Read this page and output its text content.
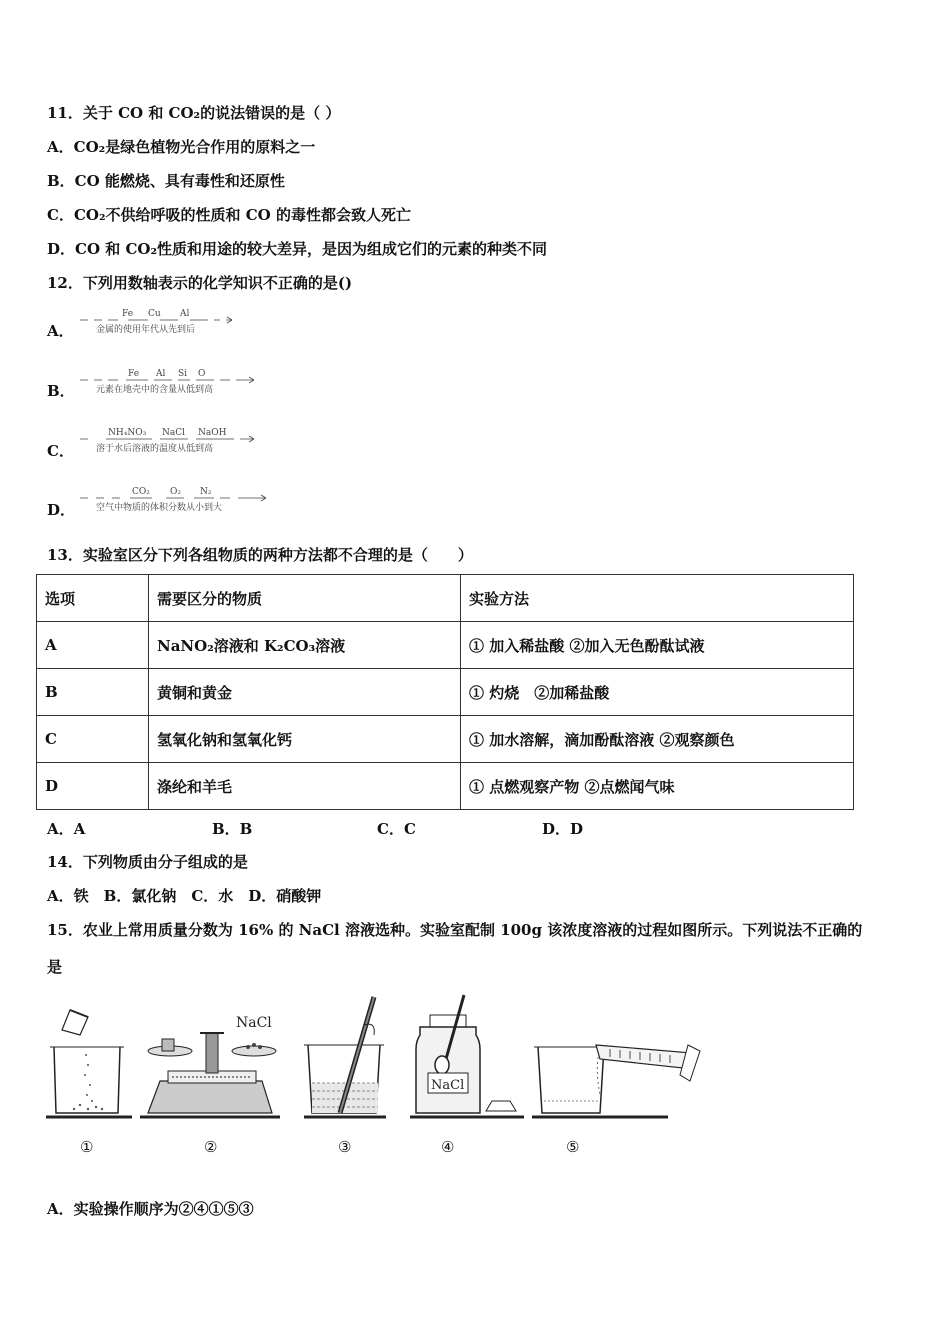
11．关于 CO 和 CO₂的说法错误的是（ ）
A．CO₂是绿色植物光合作用的原料之一
B．CO 能燃烧、具有毒性和还原性
C．CO₂不供给呼吸的性质和 CO 的毒性都会致人死亡
D．CO 和 CO₂性质和用途的较大差异，是因为组成它们的元素的种类不同
12．下列用数轴表示的化学知识不正确的是()
A．
Fe Cu Al
金属的使用年代从先到后
B．
Fe Al Si O
元素在地壳中的含量从低到高
C．
NH₄NO₃ NaCl NaOH
溶于水后溶液的温度从低到高
D．
CO₂ O₂ N₂
空气中物质的体积分数从小到大
13．实验室区分下列各组物质的两种方法都不合理的是（　　）
选项	需要区分的物质	实验方法
A	NaNO₂溶液和 K₂CO₃溶液	① 加入稀盐酸 ②加入无色酚酞试液
B	黄铜和黄金	① 灼烧　②加稀盐酸
C	氢氧化钠和氢氧化钙	① 加水溶解，滴加酚酞溶液 ②观察颜色
D	涤纶和羊毛	① 点燃观察产物 ②点燃闻气味
A．A	B．B	C．C	D．D
14．下列物质由分子组成的是
A．铁　B．氯化钠　C．水　D．硝酸钾
15．农业上常用质量分数为 16% 的 NaCl 溶液选种。实验室配制 100g 该浓度溶液的过程如图所示。下列说法不正确的
是
NaCl
NaCl
①	②	③	④	⑤
A．实验操作顺序为②④①⑤③
